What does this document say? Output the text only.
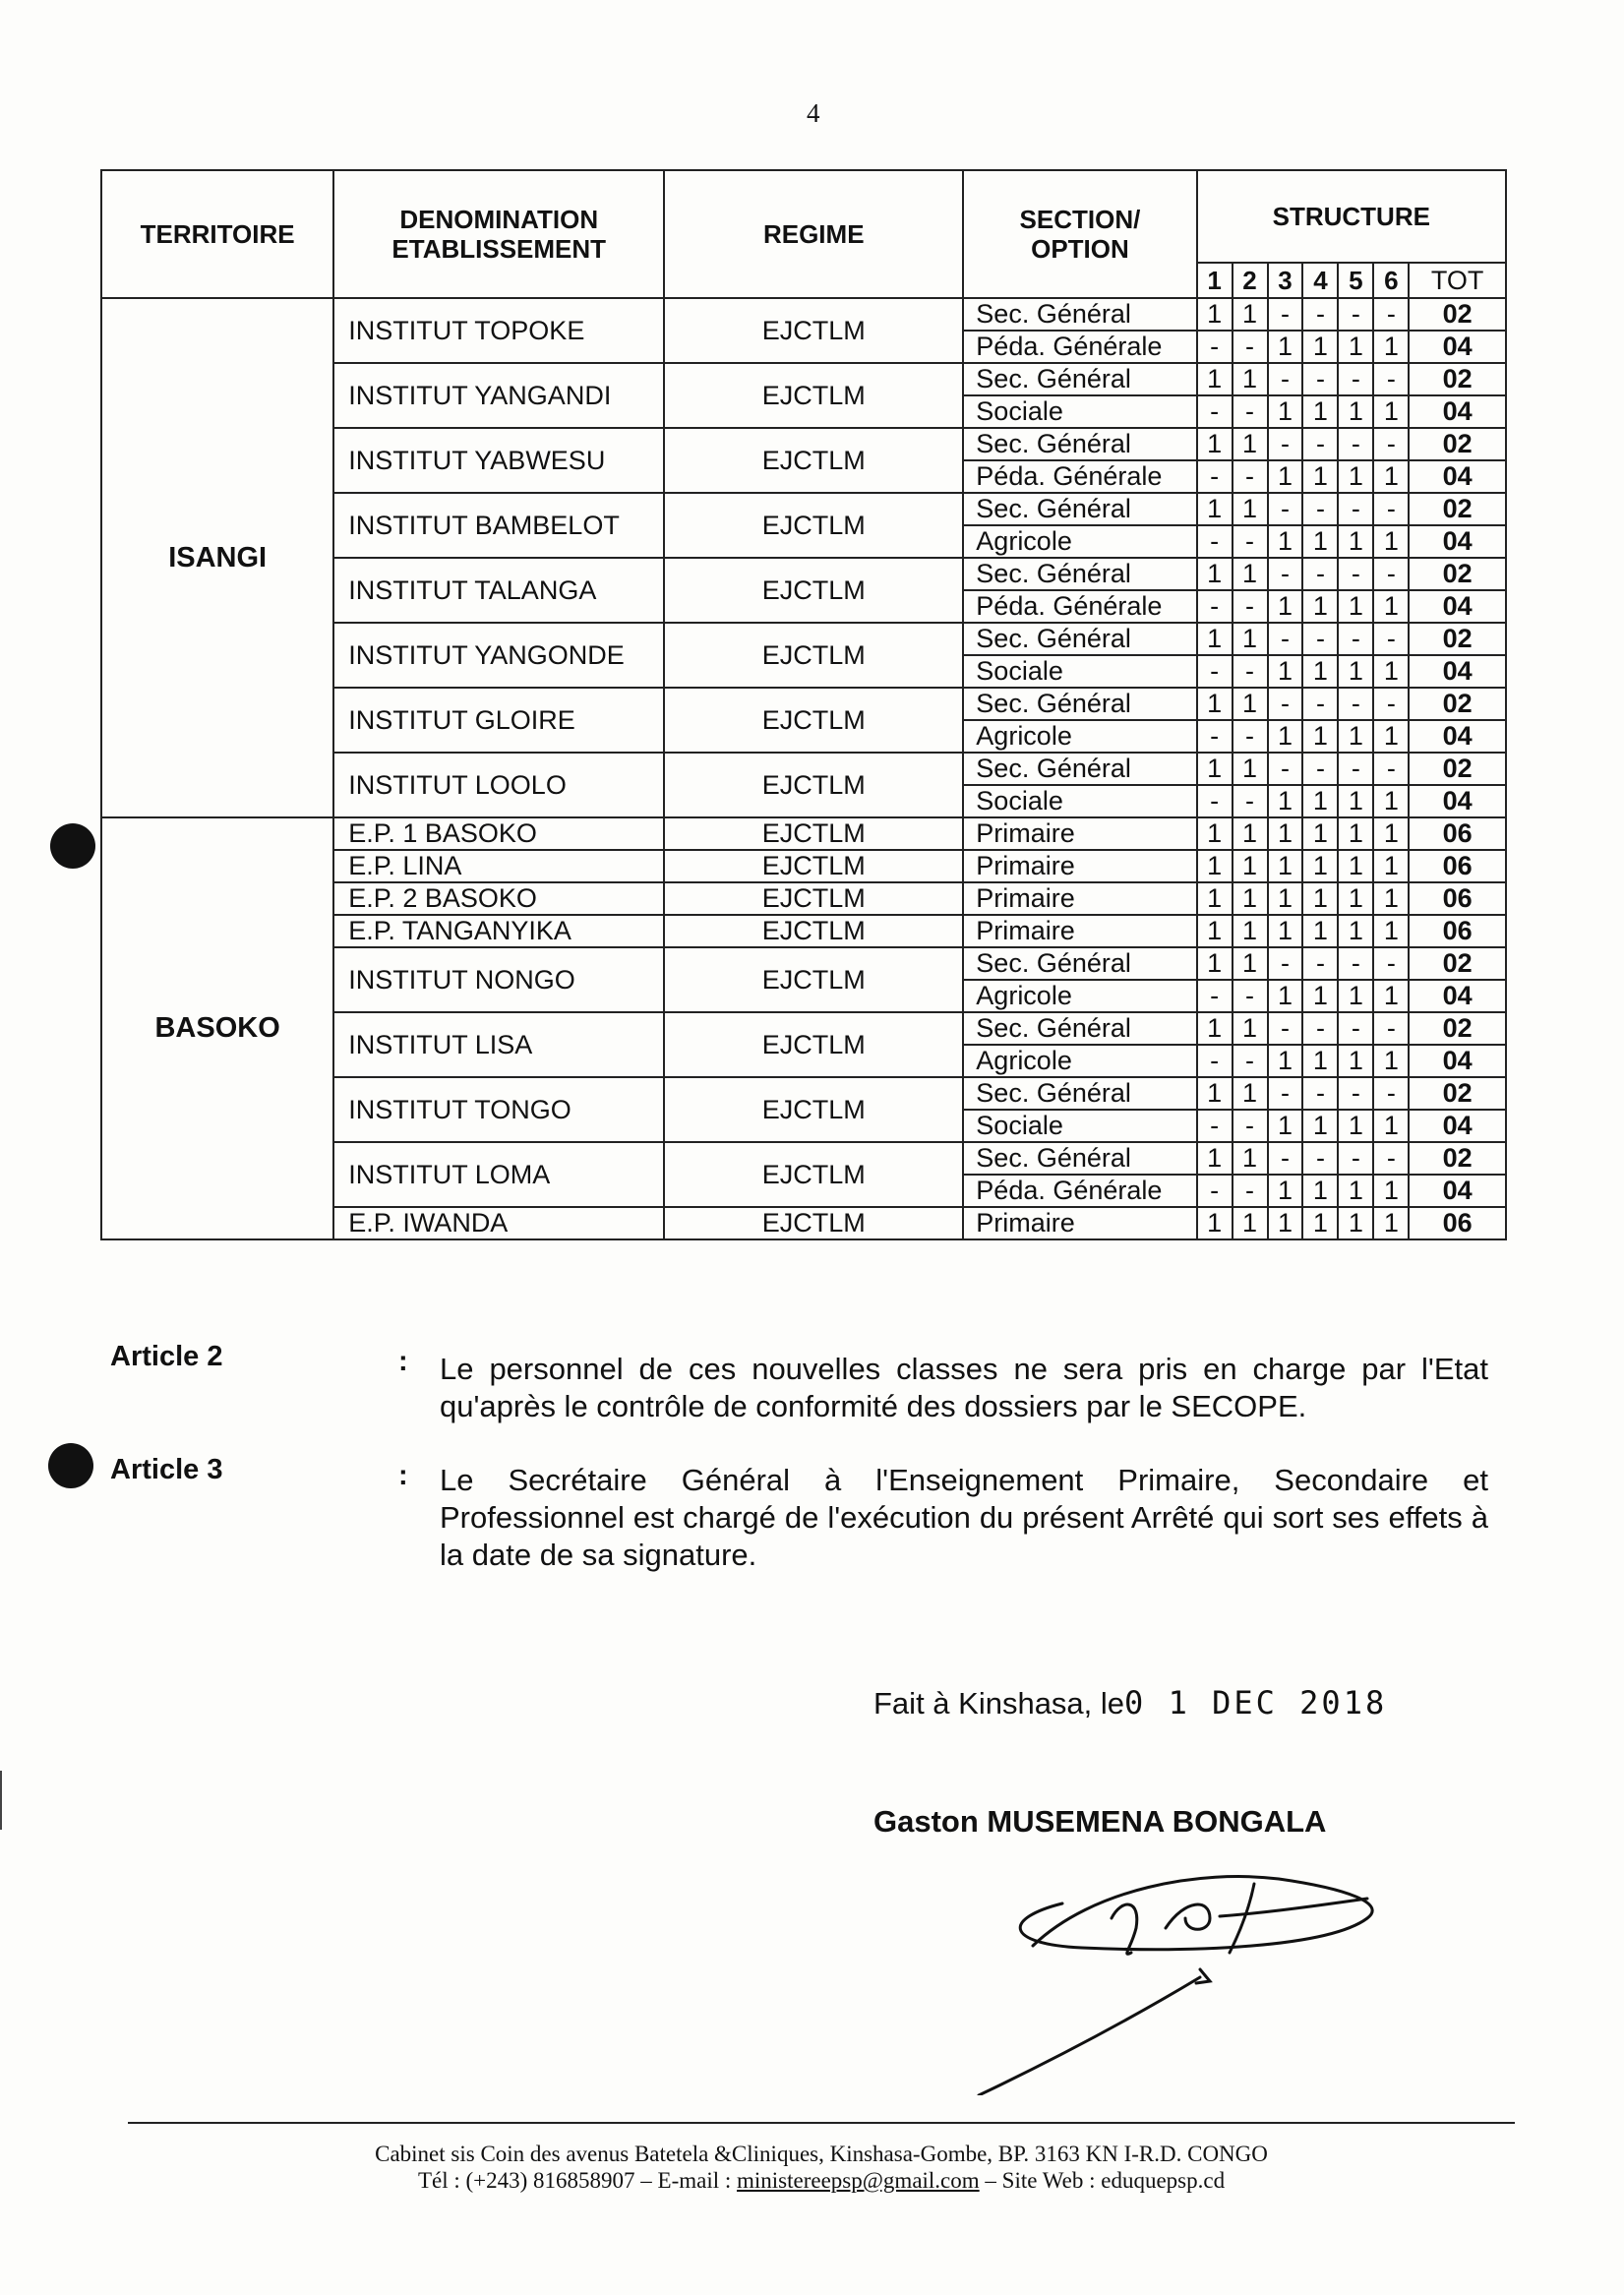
4
TERRITOIRE	DENOMINATION ETABLISSEMENT	REGIME	SECTION/ OPTION	STRUCTURE						
				1	2	3	4	5	6	TOT
ISANGI	INSTITUT TOPOKE	EJCTLM	Sec. Général	1	1	-	-	-	-	02
			Péda. Générale	-	-	1	1	1	1	04
	INSTITUT YANGANDI	EJCTLM	Sec. Général	1	1	-	-	-	-	02
			Sociale	-	-	1	1	1	1	04
	INSTITUT YABWESU	EJCTLM	Sec. Général	1	1	-	-	-	-	02
			Péda. Générale	-	-	1	1	1	1	04
	INSTITUT BAMBELOT	EJCTLM	Sec. Général	1	1	-	-	-	-	02
			Agricole	-	-	1	1	1	1	04
	INSTITUT TALANGA	EJCTLM	Sec. Général	1	1	-	-	-	-	02
			Péda. Générale	-	-	1	1	1	1	04
	INSTITUT YANGONDE	EJCTLM	Sec. Général	1	1	-	-	-	-	02
			Sociale	-	-	1	1	1	1	04
	INSTITUT GLOIRE	EJCTLM	Sec. Général	1	1	-	-	-	-	02
			Agricole	-	-	1	1	1	1	04
	INSTITUT LOOLO	EJCTLM	Sec. Général	1	1	-	-	-	-	02
			Sociale	-	-	1	1	1	1	04
BASOKO	E.P. 1 BASOKO	EJCTLM	Primaire	1	1	1	1	1	1	06
	E.P. LINA	EJCTLM	Primaire	1	1	1	1	1	1	06
	E.P. 2 BASOKO	EJCTLM	Primaire	1	1	1	1	1	1	06
	E.P. TANGANYIKA	EJCTLM	Primaire	1	1	1	1	1	1	06
	INSTITUT NONGO	EJCTLM	Sec. Général	1	1	-	-	-	-	02
			Agricole	-	-	1	1	1	1	04
	INSTITUT LISA	EJCTLM	Sec. Général	1	1	-	-	-	-	02
			Agricole	-	-	1	1	1	1	04
	INSTITUT TONGO	EJCTLM	Sec. Général	1	1	-	-	-	-	02
			Sociale	-	-	1	1	1	1	04
	INSTITUT LOMA	EJCTLM	Sec. Général	1	1	-	-	-	-	02
			Péda. Générale	-	-	1	1	1	1	04
	E.P. IWANDA	EJCTLM	Primaire	1	1	1	1	1	1	06
Article 2	: Le personnel de ces nouvelles classes ne sera pris en charge par l'Etat qu'après le contrôle de conformité des dossiers par le SECOPE.
Article 3	: Le Secrétaire Général à l'Enseignement Primaire, Secondaire et Professionnel est chargé de l'exécution du présent Arrêté qui sort ses effets à la date de sa signature.
Fait à Kinshasa, le0 1 DEC 2018
Gaston MUSEMENA BONGALA
Cabinet sis Coin des avenus Batetela &Cliniques, Kinshasa-Gombe, BP. 3163 KN I-R.D. CONGO
Tél : (+243) 816858907 – E-mail : ministereepsp@gmail.com – Site Web : eduquepsp.cd
